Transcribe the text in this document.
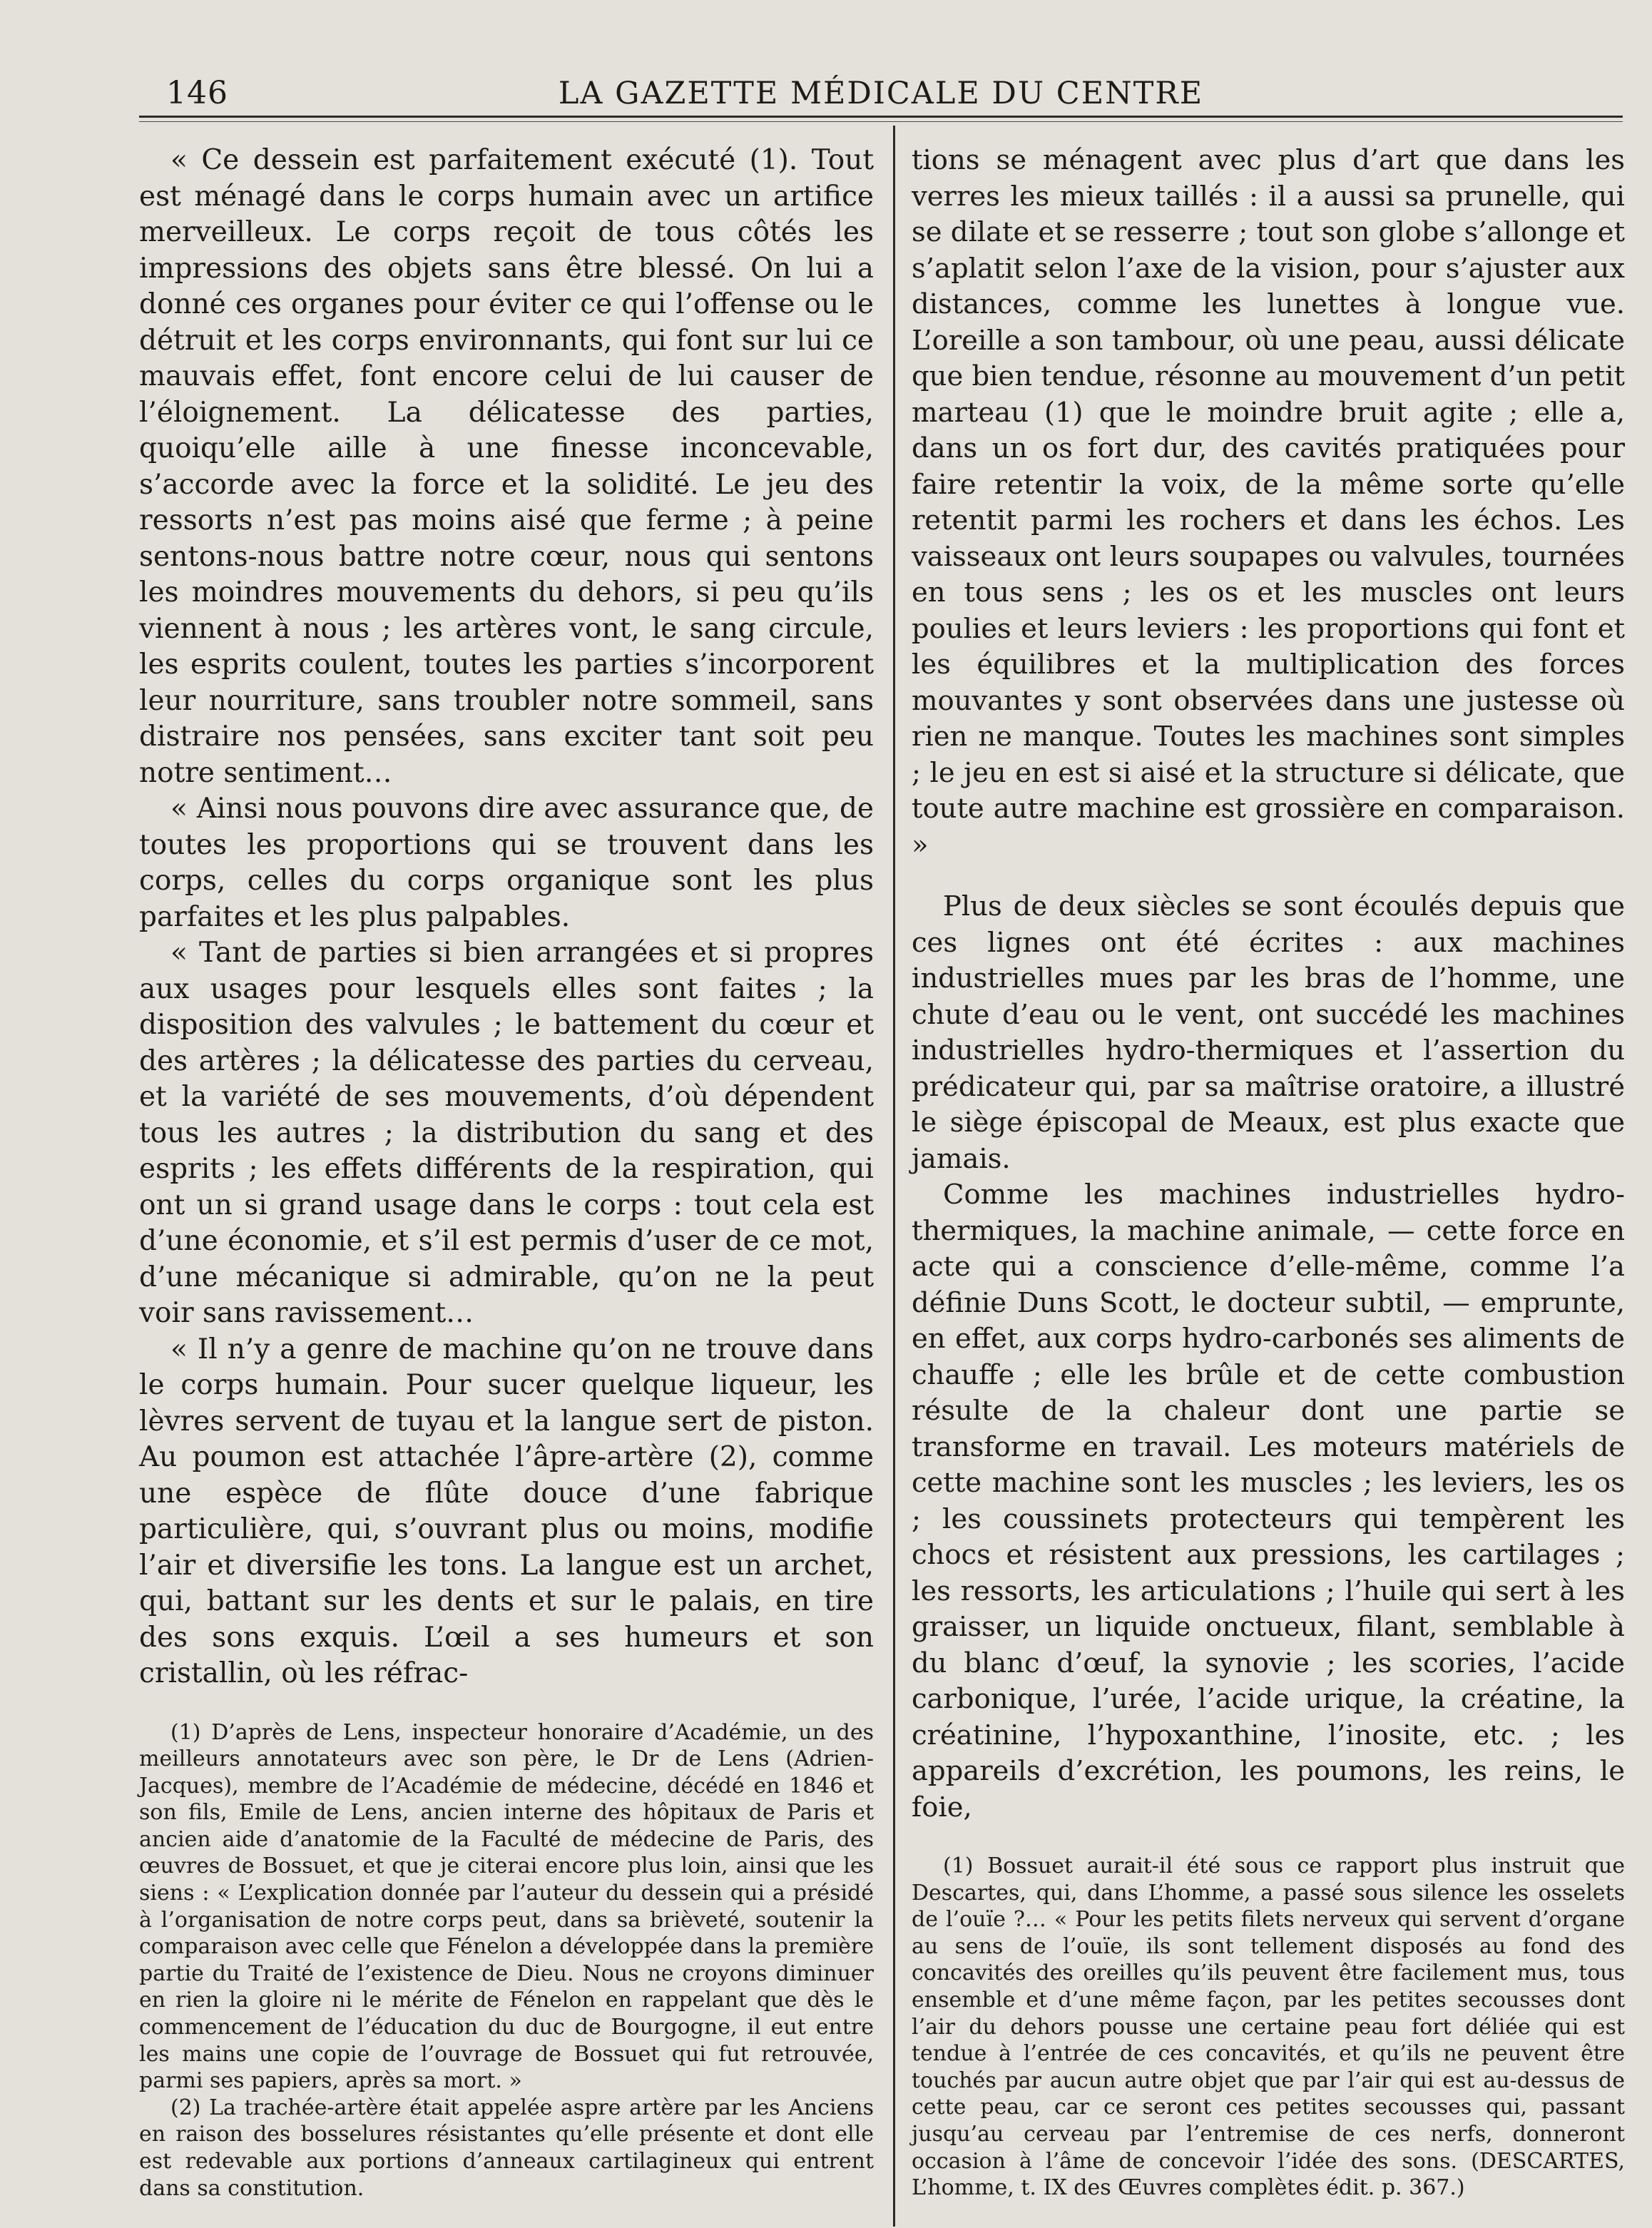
146	LA GAZETTE MÉDICALE DU CENTRE

« Ce dessein est parfaitement exécuté (1). Tout est ménagé dans le corps humain avec un artifice merveilleux. Le corps reçoit de tous côtés les impressions des objets sans être blessé. On lui a donné ces organes pour éviter ce qui l’offense ou le détruit et les corps environnants, qui font sur lui ce mauvais effet, font encore celui de lui causer de l’éloignement. La délicatesse des parties, quoiqu’elle aille à une finesse inconcevable, s’accorde avec la force et la solidité. Le jeu des ressorts n’est pas moins aisé que ferme ; à peine sentons-nous battre notre cœur, nous qui sentons les moindres mouvements du dehors, si peu qu’ils viennent à nous ; les artères vont, le sang circule, les esprits coulent, toutes les parties s’incorporent leur nourriture, sans troubler notre sommeil, sans distraire nos pensées, sans exciter tant soit peu notre sentiment…

« Ainsi nous pouvons dire avec assurance que, de toutes les proportions qui se trouvent dans les corps, celles du corps organique sont les plus parfaites et les plus palpables.

« Tant de parties si bien arrangées et si propres aux usages pour lesquels elles sont faites ; la disposition des valvules ; le battement du cœur et des artères ; la délicatesse des parties du cerveau, et la variété de ses mouvements, d’où dépendent tous les autres ; la distribution du sang et des esprits ; les effets différents de la respiration, qui ont un si grand usage dans le corps : tout cela est d’une économie, et s’il est permis d’user de ce mot, d’une mécanique si admirable, qu’on ne la peut voir sans ravissement…

« Il n’y a genre de machine qu’on ne trouve dans le corps humain. Pour sucer quelque liqueur, les lèvres servent de tuyau et la langue sert de piston. Au poumon est attachée l’âpre-artère (2), comme une espèce de flûte douce d’une fabrique particulière, qui, s’ouvrant plus ou moins, modifie l’air et diversifie les tons. La langue est un archet, qui, battant sur les dents et sur le palais, en tire des sons exquis. L’œil a ses humeurs et son cristallin, où les réfrac-

(1) D’après de Lens, inspecteur honoraire d’Académie, un des meilleurs annotateurs avec son père, le Dr de Lens (Adrien-Jacques), membre de l’Académie de médecine, décédé en 1846 et son fils, Emile de Lens, ancien interne des hôpitaux de Paris et ancien aide d’anatomie de la Faculté de médecine de Paris, des œuvres de Bossuet, et que je citerai encore plus loin, ainsi que les siens : « L’explication donnée par l’auteur du dessein qui a présidé à l’organisation de notre corps peut, dans sa brièveté, soutenir la comparaison avec celle que Fénelon a développée dans la première partie du Traité de l’existence de Dieu. Nous ne croyons diminuer en rien la gloire ni le mérite de Fénelon en rappelant que dès le commencement de l’éducation du duc de Bourgogne, il eut entre les mains une copie de l’ouvrage de Bossuet qui fut retrouvée, parmi ses papiers, après sa mort. »

(2) La trachée-artère était appelée aspre artère par les Anciens en raison des bosselures résistantes qu’elle présente et dont elle est redevable aux portions d’anneaux cartilagineux qui entrent dans sa constitution.

tions se ménagent avec plus d’art que dans les verres les mieux taillés : il a aussi sa prunelle, qui se dilate et se resserre ; tout son globe s’allonge et s’aplatit selon l’axe de la vision, pour s’ajuster aux distances, comme les lunettes à longue vue. L’oreille a son tambour, où une peau, aussi délicate que bien tendue, résonne au mouvement d’un petit marteau (1) que le moindre bruit agite ; elle a, dans un os fort dur, des cavités pratiquées pour faire retentir la voix, de la même sorte qu’elle retentit parmi les rochers et dans les échos. Les vaisseaux ont leurs soupapes ou valvules, tournées en tous sens ; les os et les muscles ont leurs poulies et leurs leviers : les proportions qui font et les équilibres et la multiplication des forces mouvantes y sont observées dans une justesse où rien ne manque. Toutes les machines sont simples ; le jeu en est si aisé et la structure si délicate, que toute autre machine est grossière en comparaison. »

Plus de deux siècles se sont écoulés depuis que ces lignes ont été écrites : aux machines industrielles mues par les bras de l’homme, une chute d’eau ou le vent, ont succédé les machines industrielles hydro-thermiques et l’assertion du prédicateur qui, par sa maîtrise oratoire, a illustré le siège épiscopal de Meaux, est plus exacte que jamais.

Comme les machines industrielles hydro-thermiques, la machine animale, — cette force en acte qui a conscience d’elle-même, comme l’a définie Duns Scott, le docteur subtil, — emprunte, en effet, aux corps hydro-carbonés ses aliments de chauffe ; elle les brûle et de cette combustion résulte de la chaleur dont une partie se transforme en travail. Les moteurs matériels de cette machine sont les muscles ; les leviers, les os ; les coussinets protecteurs qui tempèrent les chocs et résistent aux pressions, les cartilages ; les ressorts, les articulations ; l’huile qui sert à les graisser, un liquide onctueux, filant, semblable à du blanc d’œuf, la synovie ; les scories, l’acide carbonique, l’urée, l’acide urique, la créatine, la créatinine, l’hypoxanthine, l’inosite, etc. ; les appareils d’excrétion, les poumons, les reins, le foie,

(1) Bossuet aurait-il été sous ce rapport plus instruit que Descartes, qui, dans L’homme, a passé sous silence les osselets de l’ouïe ?… « Pour les petits filets nerveux qui servent d’organe au sens de l’ouïe, ils sont tellement disposés au fond des concavités des oreilles qu’ils peuvent être facilement mus, tous ensemble et d’une même façon, par les petites secousses dont l’air du dehors pousse une certaine peau fort déliée qui est tendue à l’entrée de ces concavités, et qu’ils ne peuvent être touchés par aucun autre objet que par l’air qui est au-dessus de cette peau, car ce seront ces petites secousses qui, passant jusqu’au cerveau par l’entremise de ces nerfs, donneront occasion à l’âme de concevoir l’idée des sons. (DESCARTES, L’homme, t. IX des Œuvres complètes édit. p. 367.)
